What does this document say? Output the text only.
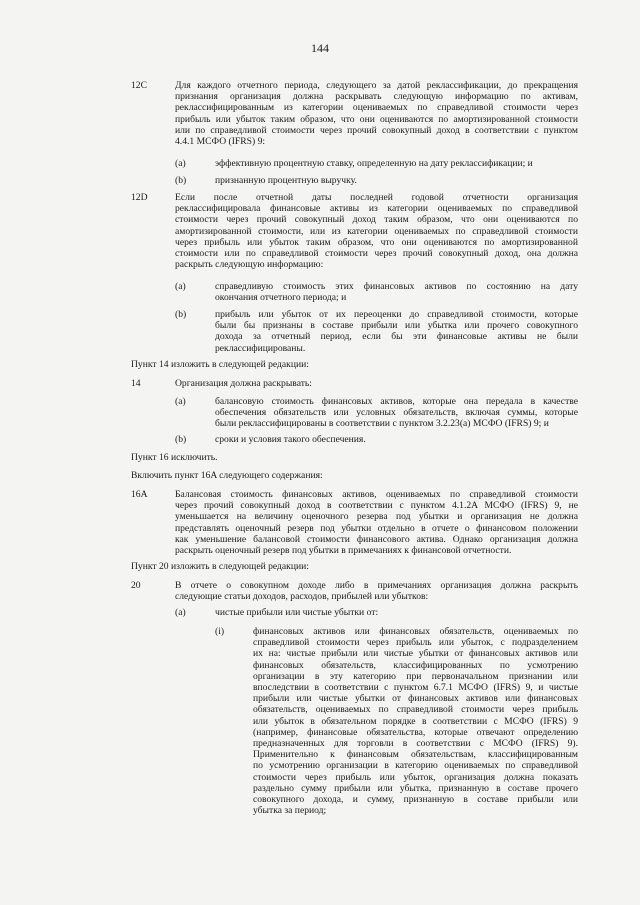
144
12C	Для каждого отчетного периода, следующего за датой реклассификации, до прекращения
признания организация должна раскрывать следующую информацию по активам,
реклассифицированным из категории оцениваемых по справедливой стоимости через
прибыль или убыток таким образом, что они оцениваются по амортизированной стоимости
или по справедливой стоимости через прочий совокупный доход в соответствии с пунктом
4.4.1 МСФО (IFRS) 9:
(a)	эффективную процентную ставку, определенную на дату реклассификации; и
(b)	признанную процентную выручку.
12D	Если после отчетной даты последней годовой отчетности организация
реклассифицировала финансовые активы из категории оцениваемых по справедливой
стоимости через прочий совокупный доход таким образом, что они оцениваются по
амортизированной стоимости, или из категории оцениваемых по справедливой стоимости
через прибыль или убыток таким образом, что они оцениваются по амортизированной
стоимости или по справедливой стоимости через прочий совокупный доход, она должна
раскрыть следующую информацию:
(a)	справедливую стоимость этих финансовых активов по состоянию на дату
окончания отчетного периода; и
(b)	прибыль или убыток от их переоценки до справедливой стоимости, которые
были бы признаны в составе прибыли или убытка или прочего совокупного
дохода за отчетный период, если бы эти финансовые активы не были
реклассифицированы.
Пункт 14 изложить в следующей редакции:
14	Организация должна раскрывать:
(a)	балансовую стоимость финансовых активов, которые она передала в качестве
обеспечения обязательств или условных обязательств, включая суммы, которые
были реклассифицированы в соответствии с пунктом 3.2.23(a) МСФО (IFRS) 9; и
(b)	сроки и условия такого обеспечения.
Пункт 16 исключить.
Включить пункт 16A следующего содержания:
16A	Балансовая стоимость финансовых активов, оцениваемых по справедливой стоимости
через прочий совокупный доход в соответствии с пунктом 4.1.2A МСФО (IFRS) 9, не
уменьшается на величину оценочного резерва под убытки и организация не должна
представлять оценочный резерв под убытки отдельно в отчете о финансовом положении
как уменьшение балансовой стоимости финансового актива. Однако организация должна
раскрыть оценочный резерв под убытки в примечаниях к финансовой отчетности.
Пункт 20 изложить в следующей редакции:
20	В отчете о совокупном доходе либо в примечаниях организация должна раскрыть
следующие статьи доходов, расходов, прибылей или убытков:
(a)	чистые прибыли или чистые убытки от:
(i)	финансовых активов или финансовых обязательств, оцениваемых по
справедливой стоимости через прибыль или убыток, с подразделением
их на: чистые прибыли или чистые убытки от финансовых активов или
финансовых обязательств, классифицированных по усмотрению
организации в эту категорию при первоначальном признании или
впоследствии в соответствии с пунктом 6.7.1 МСФО (IFRS) 9, и чистые
прибыли или чистые убытки от финансовых активов или финансовых
обязательств, оцениваемых по справедливой стоимости через прибыль
или убыток в обязательном порядке в соответствии с МСФО (IFRS) 9
(например, финансовые обязательства, которые отвечают определению
предназначенных для торговли в соответствии с МСФО (IFRS) 9).
Применительно к финансовым обязательствам, классифицированным
по усмотрению организации в категорию оцениваемых по справедливой
стоимости через прибыль или убыток, организация должна показать
раздельно сумму прибыли или убытка, признанную в составе прочего
совокупного дохода, и сумму, признанную в составе прибыли или
убытка за период;
